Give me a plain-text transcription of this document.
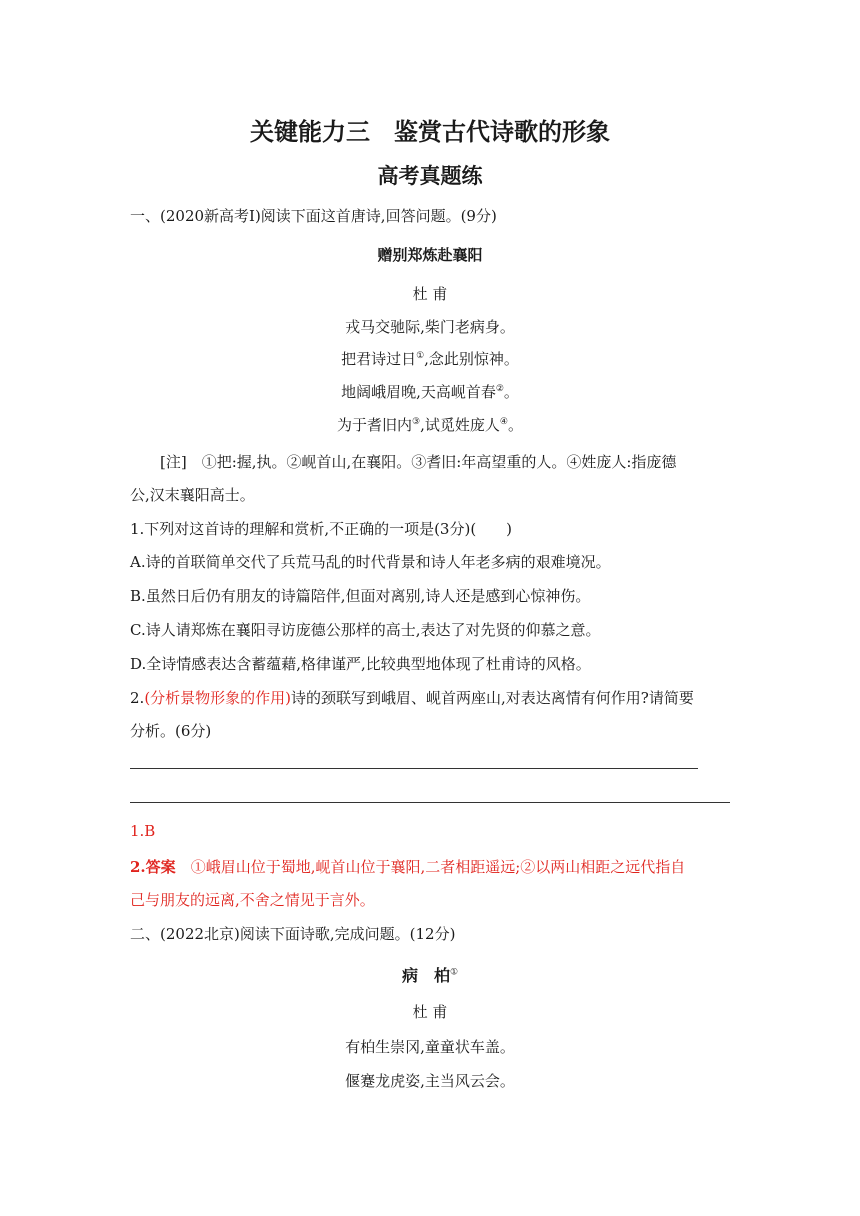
关键能力三　鉴赏古代诗歌的形象
高考真题练
一、(2020新高考Ⅰ)阅读下面这首唐诗,回答问题。(9分)
赠别郑炼赴襄阳
杜 甫
戎马交驰际,柴门老病身。
把君诗过日①,念此别惊神。
地阔峨眉晚,天高岘首春②。
为于耆旧内③,试觅姓庞人④。
[注]　①把:握,执。②岘首山,在襄阳。③耆旧:年高望重的人。④姓庞人:指庞德
公,汉末襄阳高士。
1.下列对这首诗的理解和赏析,不正确的一项是(3分)(　　)
A.诗的首联简单交代了兵荒马乱的时代背景和诗人年老多病的艰难境况。
B.虽然日后仍有朋友的诗篇陪伴,但面对离别,诗人还是感到心惊神伤。
C.诗人请郑炼在襄阳寻访庞德公那样的高士,表达了对先贤的仰慕之意。
D.全诗情感表达含蓄蕴藉,格律谨严,比较典型地体现了杜甫诗的风格。
2.(分析景物形象的作用)诗的颈联写到峨眉、岘首两座山,对表达离情有何作用?请简要
分析。(6分)
1.B
2.答案　 ①峨眉山位于蜀地,岘首山位于襄阳,二者相距遥远;②以两山相距之远代指自
己与朋友的远离,不舍之情见于言外。
二、(2022北京)阅读下面诗歌,完成问题。(12分)
病　柏①
杜 甫
有柏生崇冈,童童状车盖。
偃蹇龙虎姿,主当风云会。
